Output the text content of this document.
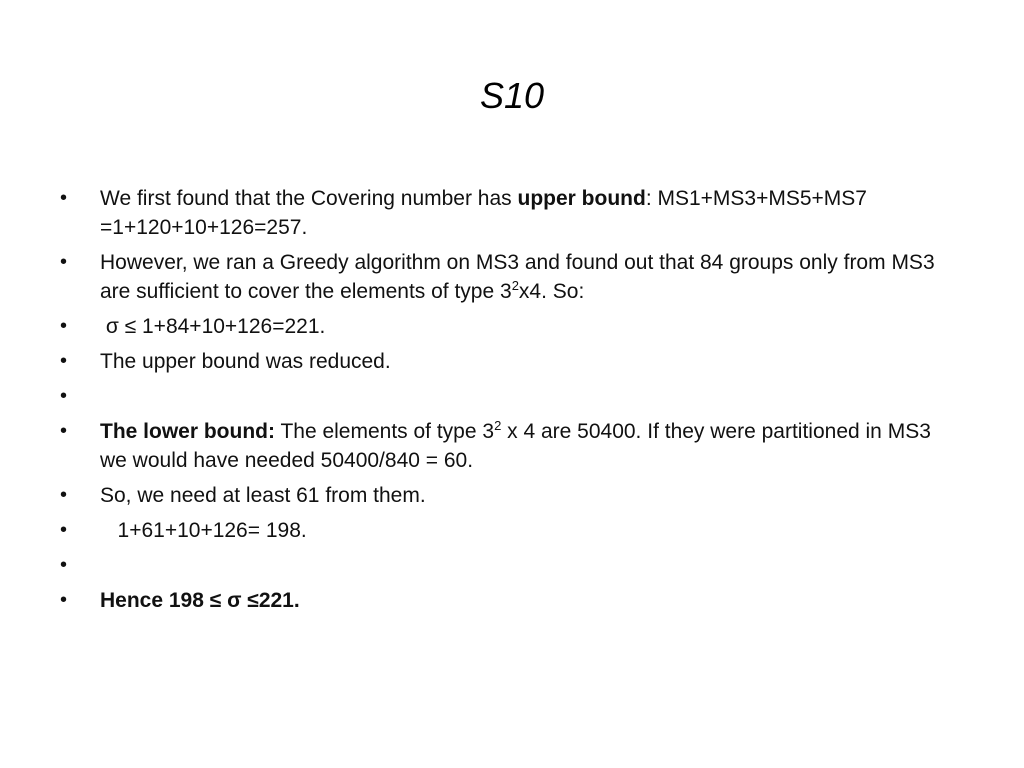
S10
•	We first found that the Covering number has upper bound: MS1+MS3+MS5+MS7 =1+120+10+126=257.
•	However, we ran a Greedy algorithm on MS3 and found out that 84 groups only from MS3 are sufficient to cover the elements of type $3^2x4$. So:
•	σ ≤ 1+84+10+126=221.
•	The upper bound was reduced.
•
•	The lower bound: The elements of type $3^2$ x 4 are 50400. If they were partitioned in MS3 we would have needed 50400/840 = 60.
•	So, we need at least 61 from them.
•	1+61+10+126= 198.
•
•	Hence 198 ≤ σ ≤221.
